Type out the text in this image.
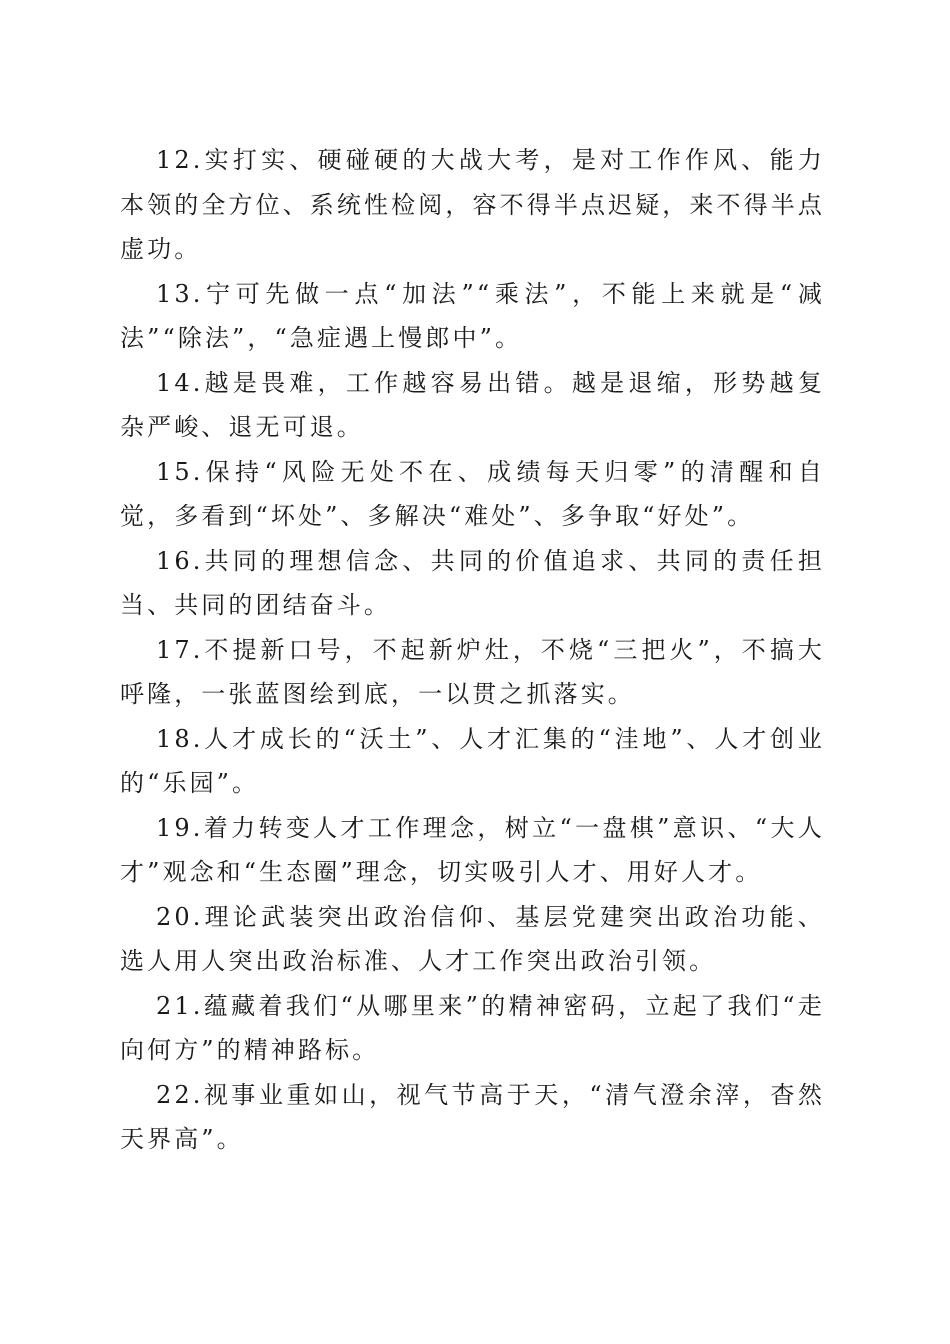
12.实打实、硬碰硬的大战大考，是对工作作风、能力本领的全方位、系统性检阅，容不得半点迟疑，来不得半点虚功。

13.宁可先做一点“加法”“乘法”，不能上来就是“减法”“除法”，“急症遇上慢郎中”。

14.越是畏难，工作越容易出错。越是退缩，形势越复杂严峻、退无可退。

15.保持“风险无处不在、成绩每天归零”的清醒和自觉，多看到“坏处”、多解决“难处”、多争取“好处”。

16.共同的理想信念、共同的价值追求、共同的责任担当、共同的团结奋斗。

17.不提新口号，不起新炉灶，不烧“三把火”，不搞大呼隆，一张蓝图绘到底，一以贯之抓落实。

18.人才成长的“沃土”、人才汇集的“洼地”、人才创业的“乐园”。

19.着力转变人才工作理念，树立“一盘棋”意识、“大人才”观念和“生态圈”理念，切实吸引人才、用好人才。

20.理论武装突出政治信仰、基层党建突出政治功能、选人用人突出政治标准、人才工作突出政治引领。

21.蕴藏着我们“从哪里来”的精神密码，立起了我们“走向何方”的精神路标。

22.视事业重如山，视气节高于天，“清气澄余滓，杳然天界高”。
